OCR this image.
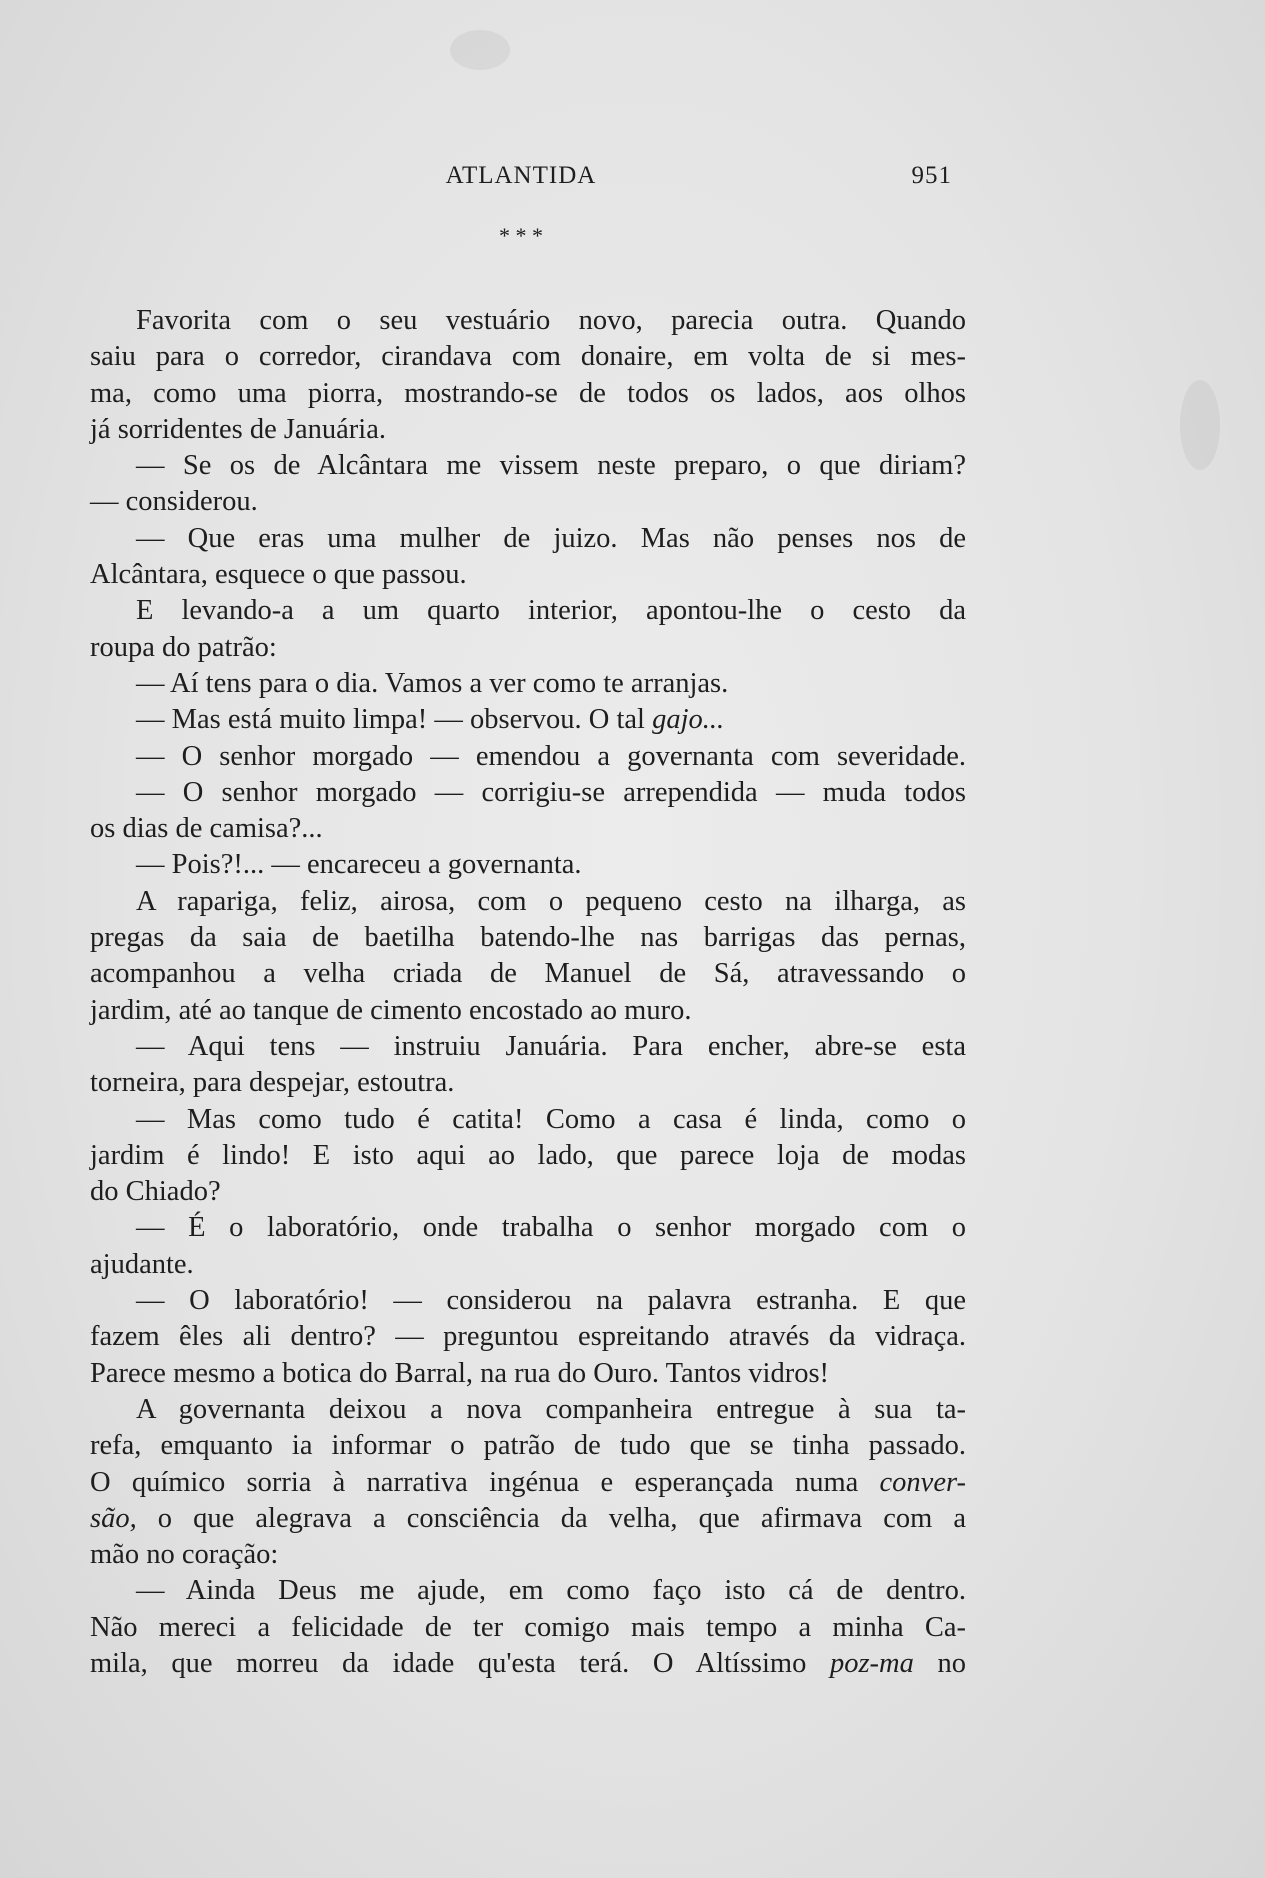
ATLANTIDA	951
* * *
Favorita com o seu vestuário novo, parecia outra. Quando
saiu para o corredor, cirandava com donaire, em volta de si mes-
ma, como uma piorra, mostrando-se de todos os lados, aos olhos
já sorridentes de Januária.
— Se os de Alcântara me vissem neste preparo, o que diriam?
— considerou.
— Que eras uma mulher de juizo. Mas não penses nos de
Alcântara, esquece o que passou.
E levando-a a um quarto interior, apontou-lhe o cesto da
roupa do patrão:
— Aí tens para o dia. Vamos a ver como te arranjas.
— Mas está muito limpa! — observou. O tal gajo...
— O senhor morgado — emendou a governanta com severidade.
— O senhor morgado — corrigiu-se arrependida — muda todos
os dias de camisa?...
— Pois?!... — encareceu a governanta.
A rapariga, feliz, airosa, com o pequeno cesto na ilharga, as
pregas da saia de baetilha batendo-lhe nas barrigas das pernas,
acompanhou a velha criada de Manuel de Sá, atravessando o
jardim, até ao tanque de cimento encostado ao muro.
— Aqui tens — instruiu Januária. Para encher, abre-se esta
torneira, para despejar, estoutra.
— Mas como tudo é catita! Como a casa é linda, como o
jardim é lindo! E isto aqui ao lado, que parece loja de modas
do Chiado?
— É o laboratório, onde trabalha o senhor morgado com o
ajudante.
— O laboratório! — considerou na palavra estranha. E que
fazem êles ali dentro? — preguntou espreitando através da vidraça.
Parece mesmo a botica do Barral, na rua do Ouro. Tantos vidros!
A governanta deixou a nova companheira entregue à sua ta-
refa, emquanto ia informar o patrão de tudo que se tinha passado.
O químico sorria à narrativa ingénua e esperançada numa conver-
são, o que alegrava a consciência da velha, que afirmava com a
mão no coração:
— Ainda Deus me ajude, em como faço isto cá de dentro.
Não mereci a felicidade de ter comigo mais tempo a minha Ca-
mila, que morreu da idade qu'esta terá. O Altíssimo poz-ma no
